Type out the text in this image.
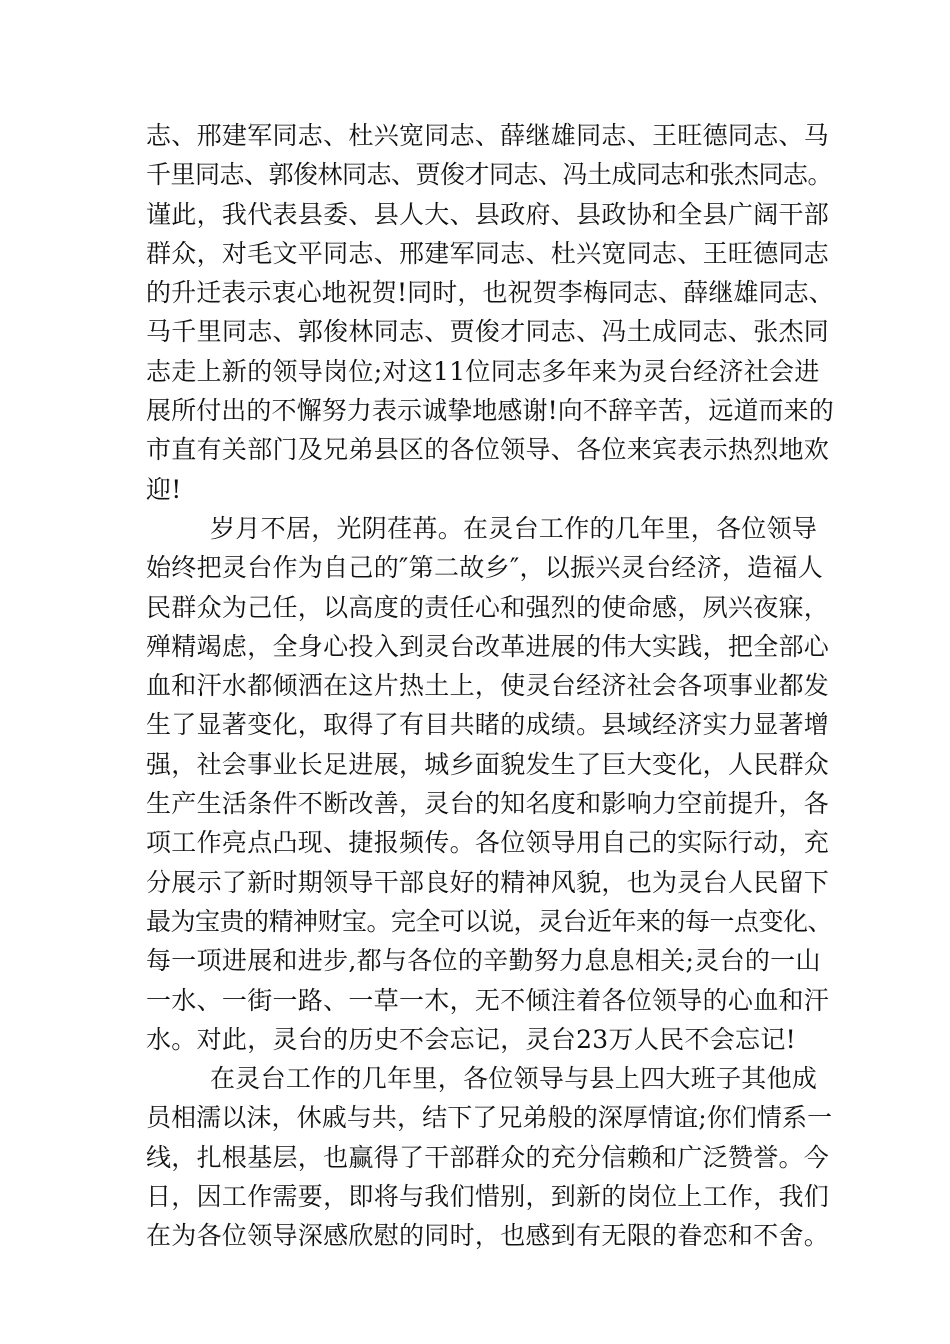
志、邢建军同志、杜兴宽同志、薛继雄同志、王旺德同志、马
千里同志、郭俊林同志、贾俊才同志、冯土成同志和张杰同志。
谨此，我代表县委、县人大、县政府、县政协和全县广阔干部
群众，对毛文平同志、邢建军同志、杜兴宽同志、王旺德同志
的升迁表示衷心地祝贺!同时，也祝贺李梅同志、薛继雄同志、
马千里同志、郭俊林同志、贾俊才同志、冯土成同志、张杰同
志走上新的领导岗位;对这11位同志多年来为灵台经济社会进
展所付出的不懈努力表示诚挚地感谢!向不辞辛苦，远道而来的
市直有关部门及兄弟县区的各位领导、各位来宾表示热烈地欢
迎!
岁月不居，光阴荏苒。在灵台工作的几年里，各位领导
始终把灵台作为自己的″第二故乡″，以振兴灵台经济，造福人
民群众为己任，以高度的责任心和强烈的使命感，夙兴夜寐，
殚精竭虑，全身心投入到灵台改革进展的伟大实践，把全部心
血和汗水都倾洒在这片热土上，使灵台经济社会各项事业都发
生了显著变化，取得了有目共睹的成绩。县域经济实力显著增
强，社会事业长足进展，城乡面貌发生了巨大变化，人民群众
生产生活条件不断改善，灵台的知名度和影响力空前提升，各
项工作亮点凸现、捷报频传。各位领导用自己的实际行动，充
分展示了新时期领导干部良好的精神风貌，也为灵台人民留下
最为宝贵的精神财宝。完全可以说，灵台近年来的每一点变化、
每一项进展和进步,都与各位的辛勤努力息息相关;灵台的一山
一水、一街一路、一草一木，无不倾注着各位领导的心血和汗
水。对此，灵台的历史不会忘记，灵台23万人民不会忘记!
在灵台工作的几年里，各位领导与县上四大班子其他成
员相濡以沫，休戚与共，结下了兄弟般的深厚情谊;你们情系一
线，扎根基层，也赢得了干部群众的充分信赖和广泛赞誉。今
日，因工作需要，即将与我们惜别，到新的岗位上工作，我们
在为各位领导深感欣慰的同时，也感到有无限的眷恋和不舍。
